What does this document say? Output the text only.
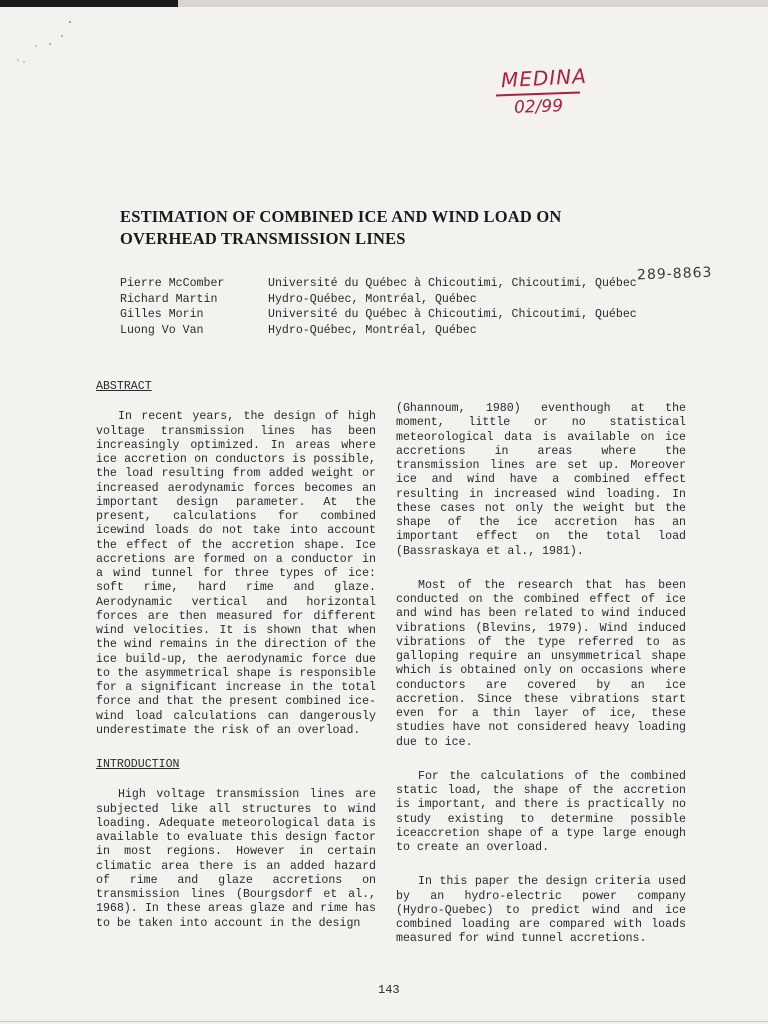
MEDINA
02/99
289-8863
ESTIMATION OF COMBINED ICE AND WIND LOAD ON OVERHEAD TRANSMISSION LINES
Pierre McComber	Université du Québec à Chicoutimi, Chicoutimi, Québec
Richard Martin	Hydro-Québec, Montréal, Québec
Gilles Morin	Université du Québec à Chicoutimi, Chicoutimi, Québec
Luong Vo Van	Hydro-Québec, Montréal, Québec

ABSTRACT

In recent years, the design of high voltage transmission lines has been increasingly optimized. In areas where ice accretion on conductors is possible, the load resulting from added weight or increased aerodynamic forces becomes an important design parameter. At the present, calculations for combined icewind loads do not take into account the effect of the accretion shape. Ice accretions are formed on a conductor in a wind tunnel for three types of ice: soft rime, hard rime and glaze. Aerodynamic vertical and horizontal forces are then measured for different wind velocities. It is shown that when the wind remains in the direction of the ice build-up, the aerodynamic force due to the asymmetrical shape is responsible for a significant increase in the total force and that the present combined ice-wind load calculations can dangerously underestimate the risk of an overload.

INTRODUCTION

High voltage transmission lines are subjected like all structures to wind loading. Adequate meteorological data is available to evaluate this design factor in most regions. However in certain climatic area there is an added hazard of rime and glaze accretions on transmission lines (Bourgsdorf et al., 1968). In these areas glaze and rime has to be taken into account in the design

(Ghannoum, 1980) eventhough at the moment, little or no statistical meteorological data is available on ice accretions in areas where the transmission lines are set up. Moreover ice and wind have a combined effect resulting in increased wind loading. In these cases not only the weight but the shape of the ice accretion has an important effect on the total load (Bassraskaya et al., 1981).

Most of the research that has been conducted on the combined effect of ice and wind has been related to wind induced vibrations (Blevins, 1979). Wind induced vibrations of the type referred to as galloping require an unsymmetrical shape which is obtained only on occasions where conductors are covered by an ice accretion. Since these vibrations start even for a thin layer of ice, these studies have not considered heavy loading due to ice.

For the calculations of the combined static load, the shape of the accretion is important, and there is practically no study existing to determine possible iceaccretion shape of a type large enough to create an overload.

In this paper the design criteria used by an hydro-electric power company (Hydro-Quebec) to predict wind and ice combined loading are compared with loads measured for wind tunnel accretions.

143
